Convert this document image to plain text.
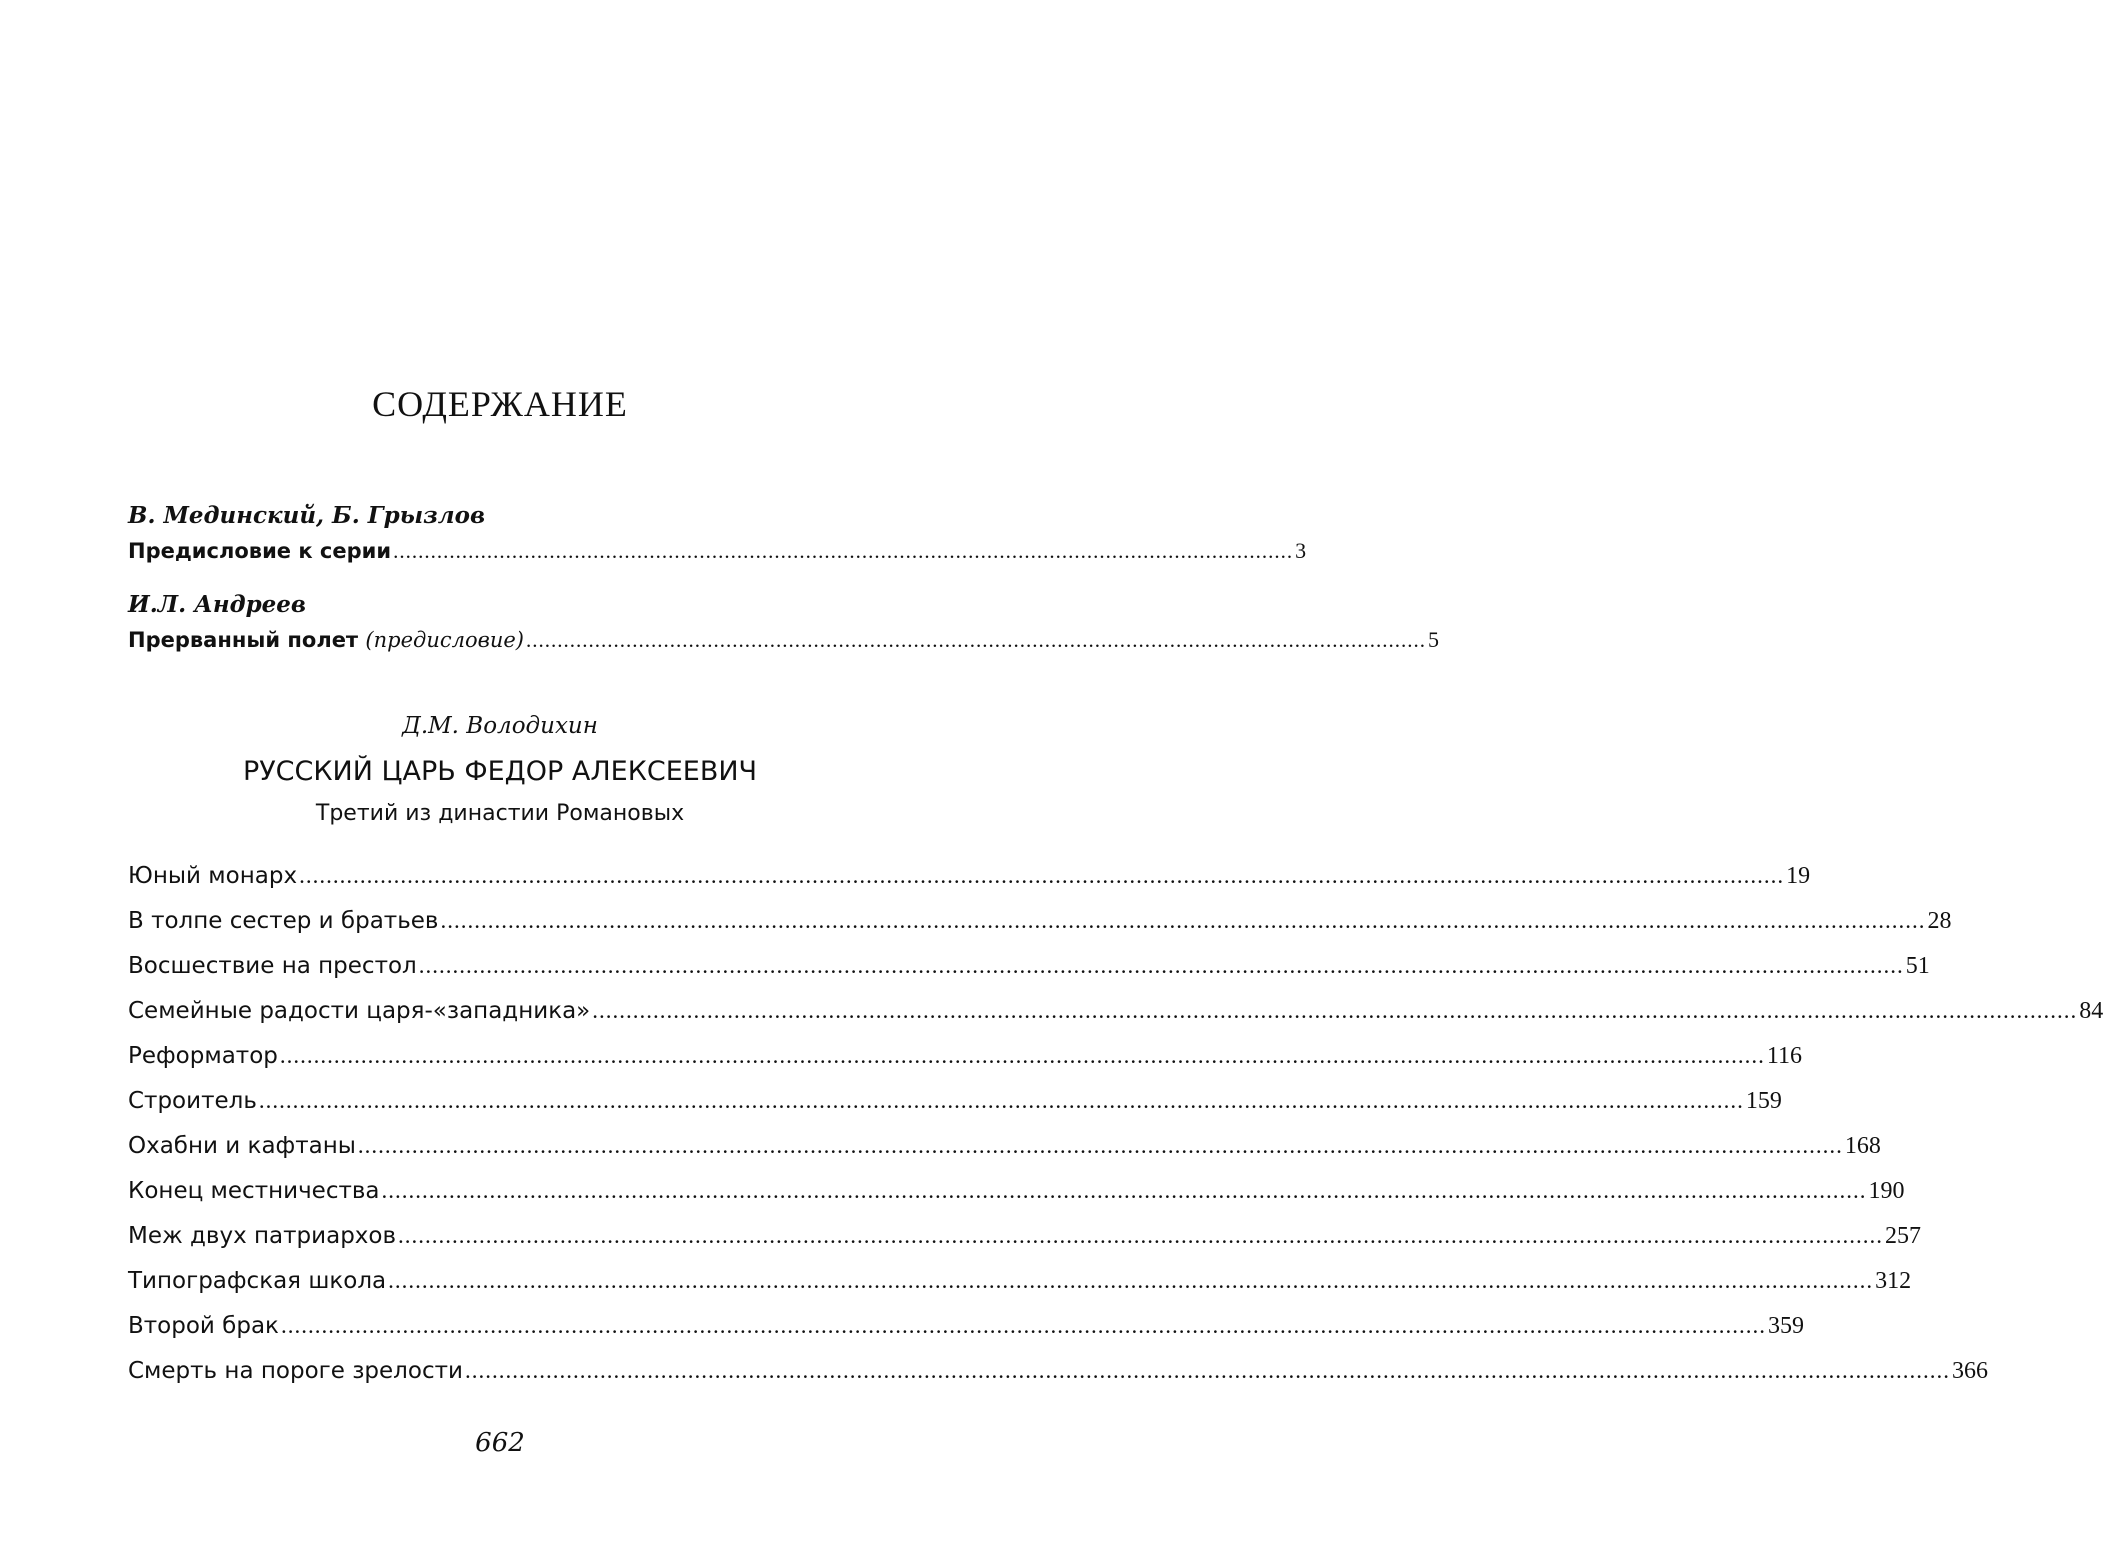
СОДЕРЖАНИЕ
В. Мединский, Б. Грызлов
Предисловие к серии ................................................................................................................................................ 3
И.Л. Андреев
Прерванный полет (предисловие) ................................................................................................................................................ 5
Д.М. Володихин
РУССКИЙ ЦАРЬ ФЕДОР АЛЕКСЕЕВИЧ
Третий из династии Романовых
Юный монарх ............................................................................................................................................................................................................................ 19
В толпе сестер и братьев ............................................................................................................................................................................................................................ 28
Восшествие на престол ............................................................................................................................................................................................................................ 51
Семейные радости царя-«западника» ............................................................................................................................................................................................................................ 84
Реформатор ............................................................................................................................................................................................................................ 116
Строитель ............................................................................................................................................................................................................................ 159
Охабни и кафтаны ............................................................................................................................................................................................................................ 168
Конец местничества ............................................................................................................................................................................................................................ 190
Меж двух патриархов ............................................................................................................................................................................................................................ 257
Типографская школа ............................................................................................................................................................................................................................ 312
Второй брак ............................................................................................................................................................................................................................ 359
Смерть на пороге зрелости ............................................................................................................................................................................................................................ 366
662
